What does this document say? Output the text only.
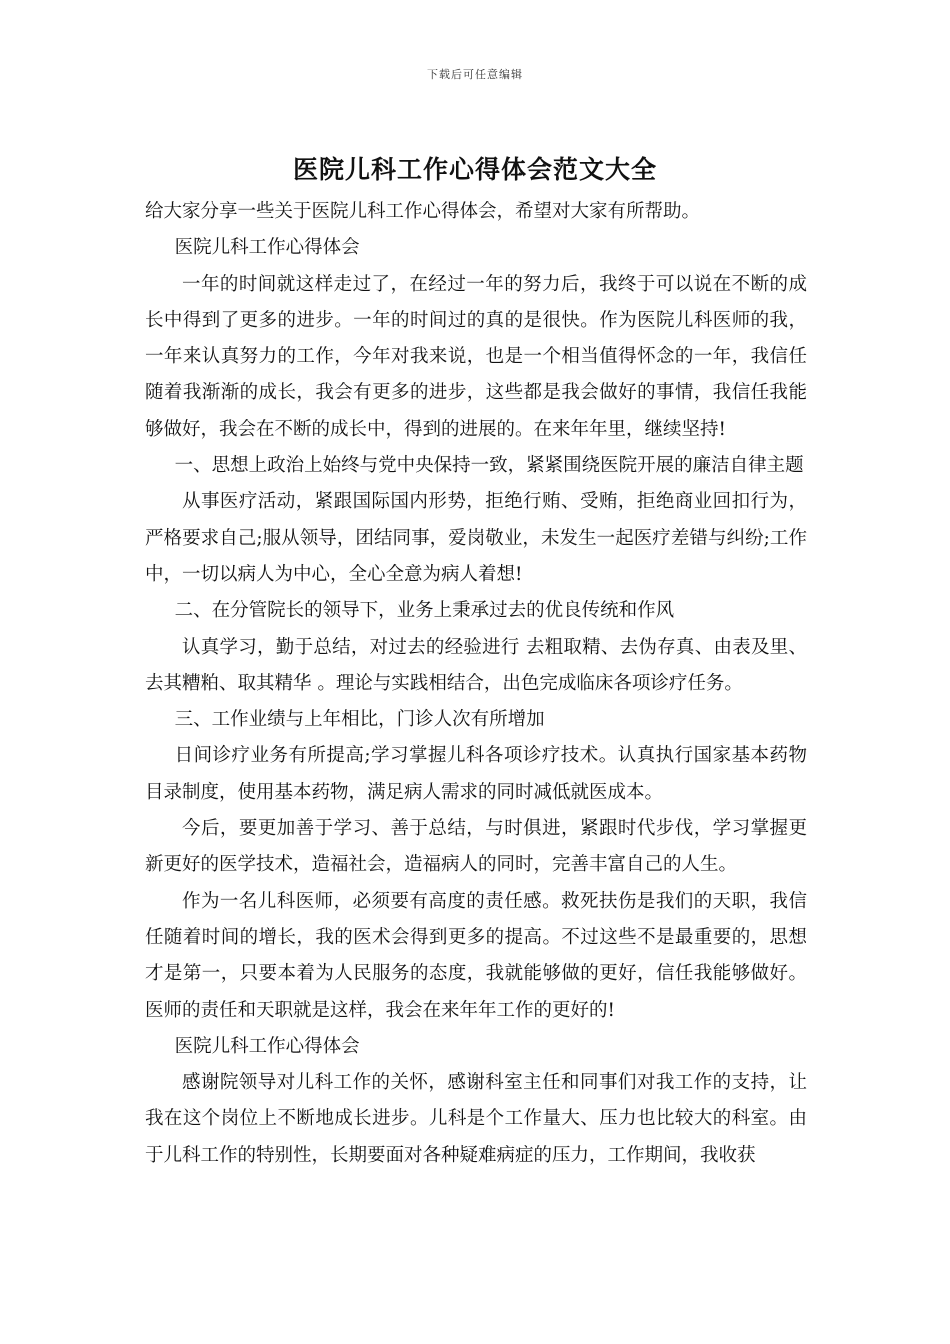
下载后可任意编辑
医院儿科工作心得体会范文大全

给大家分享一些关于医院儿科工作心得体会，希望对大家有所帮助。

医院儿科工作心得体会

一年的时间就这样走过了，在经过一年的努力后，我终于可以说在不断的成长中得到了更多的进步。一年的时间过的真的是很快。作为医院儿科医师的我，一年来认真努力的工作，今年对我来说，也是一个相当值得怀念的一年，我信任随着我渐渐的成长，我会有更多的进步，这些都是我会做好的事情，我信任我能够做好，我会在不断的成长中，得到的进展的。在来年年里，继续坚持!

一、思想上政治上始终与党中央保持一致，紧紧围绕医院开展的廉洁自律主题

从事医疗活动，紧跟国际国内形势，拒绝行贿、受贿，拒绝商业回扣行为，严格要求自己;服从领导，团结同事，爱岗敬业，未发生一起医疗差错与纠纷;工作中，一切以病人为中心，全心全意为病人着想!

二、在分管院长的领导下，业务上秉承过去的优良传统和作风

认真学习，勤于总结，对过去的经验进行 去粗取精、去伪存真、由表及里、去其糟粕、取其精华 。理论与实践相结合，出色完成临床各项诊疗任务。

三、工作业绩与上年相比，门诊人次有所增加

日间诊疗业务有所提高;学习掌握儿科各项诊疗技术。认真执行国家基本药物目录制度，使用基本药物，满足病人需求的同时减低就医成本。

今后，要更加善于学习、善于总结，与时俱进，紧跟时代步伐，学习掌握更新更好的医学技术，造福社会，造福病人的同时，完善丰富自己的人生。

作为一名儿科医师，必须要有高度的责任感。救死扶伤是我们的天职，我信任随着时间的增长，我的医术会得到更多的提高。不过这些不是最重要的，思想才是第一，只要本着为人民服务的态度，我就能够做的更好，信任我能够做好。医师的责任和天职就是这样，我会在来年年工作的更好的!

医院儿科工作心得体会

感谢院领导对儿科工作的关怀，感谢科室主任和同事们对我工作的支持，让我在这个岗位上不断地成长进步。儿科是个工作量大、压力也比较大的科室。由于儿科工作的特别性，长期要面对各种疑难病症的压力，工作期间，我收获
